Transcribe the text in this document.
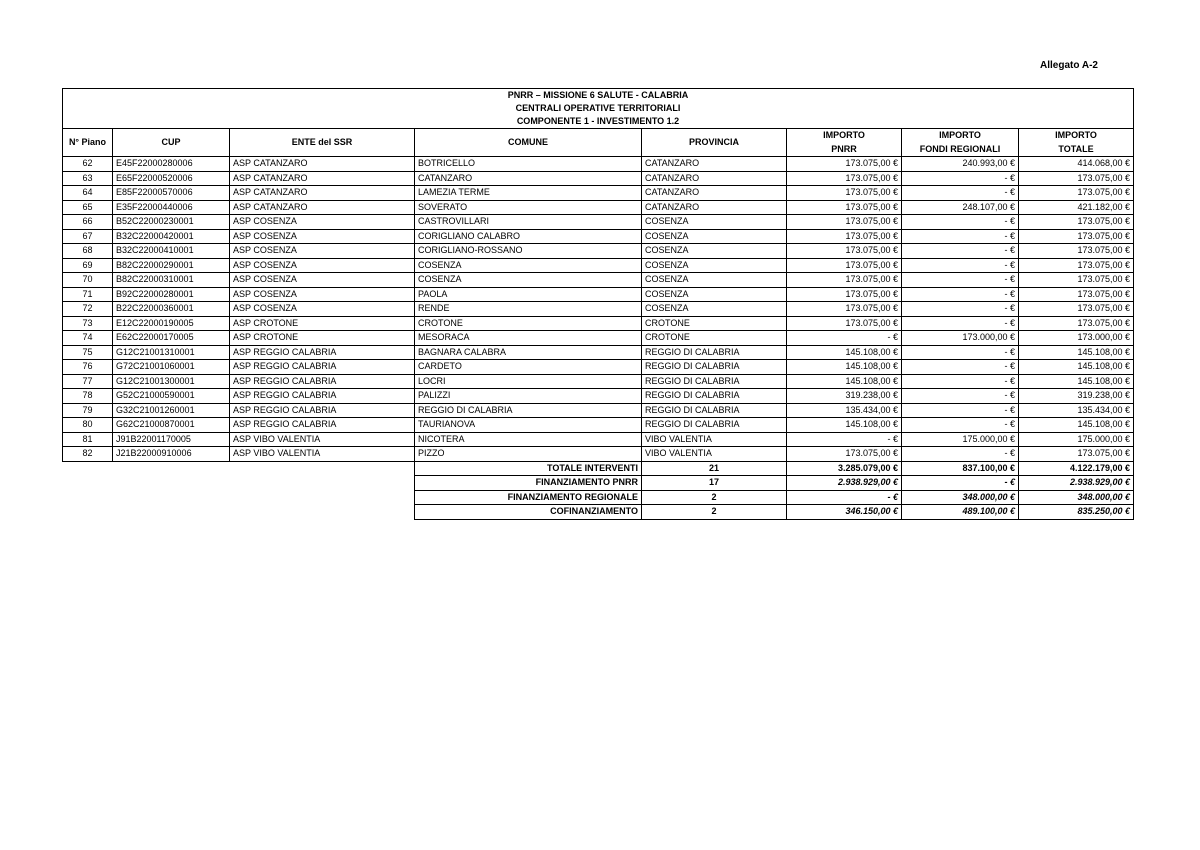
Allegato A-2
PNRR – MISSIONE 6 SALUTE - CALABRIA							
CENTRALI OPERATIVE TERRITORIALI							
COMPONENTE 1 - INVESTIMENTO 1.2							
N° Piano	CUP	ENTE del SSR	COMUNE	PROVINCIA	IMPORTO	IMPORTO	IMPORTO
					PNRR	FONDI REGIONALI	TOTALE
62	E45F22000280006	ASP CATANZARO	BOTRICELLO	CATANZARO	173.075,00 €	240.993,00 €	414.068,00 €
63	E65F22000520006	ASP CATANZARO	CATANZARO	CATANZARO	173.075,00 €	- €	173.075,00 €
64	E85F22000570006	ASP CATANZARO	LAMEZIA TERME	CATANZARO	173.075,00 €	- €	173.075,00 €
65	E35F22000440006	ASP CATANZARO	SOVERATO	CATANZARO	173.075,00 €	248.107,00 €	421.182,00 €
66	B52C22000230001	ASP COSENZA	CASTROVILLARI	COSENZA	173.075,00 €	- €	173.075,00 €
67	B32C22000420001	ASP COSENZA	CORIGLIANO CALABRO	COSENZA	173.075,00 €	- €	173.075,00 €
68	B32C22000410001	ASP COSENZA	CORIGLIANO-ROSSANO	COSENZA	173.075,00 €	- €	173.075,00 €
69	B82C22000290001	ASP COSENZA	COSENZA	COSENZA	173.075,00 €	- €	173.075,00 €
70	B82C22000310001	ASP COSENZA	COSENZA	COSENZA	173.075,00 €	- €	173.075,00 €
71	B92C22000280001	ASP COSENZA	PAOLA	COSENZA	173.075,00 €	- €	173.075,00 €
72	B22C22000360001	ASP COSENZA	RENDE	COSENZA	173.075,00 €	- €	173.075,00 €
73	E12C22000190005	ASP CROTONE	CROTONE	CROTONE	173.075,00 €	- €	173.075,00 €
74	E62C22000170005	ASP CROTONE	MESORACA	CROTONE	- €	173.000,00 €	173.000,00 €
75	G12C21001310001	ASP REGGIO CALABRIA	BAGNARA CALABRA	REGGIO DI CALABRIA	145.108,00 €	- €	145.108,00 €
76	G72C21001060001	ASP REGGIO CALABRIA	CARDETO	REGGIO DI CALABRIA	145.108,00 €	- €	145.108,00 €
77	G12C21001300001	ASP REGGIO CALABRIA	LOCRI	REGGIO DI CALABRIA	145.108,00 €	- €	145.108,00 €
78	G52C21000590001	ASP REGGIO CALABRIA	PALIZZI	REGGIO DI CALABRIA	319.238,00 €	- €	319.238,00 €
79	G32C21001260001	ASP REGGIO CALABRIA	REGGIO DI CALABRIA	REGGIO DI CALABRIA	135.434,00 €	- €	135.434,00 €
80	G62C21000870001	ASP REGGIO CALABRIA	TAURIANOVA	REGGIO DI CALABRIA	145.108,00 €	- €	145.108,00 €
81	J91B22001170005	ASP VIBO VALENTIA	NICOTERA	VIBO VALENTIA	- €	175.000,00 €	175.000,00 €
82	J21B22000910006	ASP VIBO VALENTIA	PIZZO	VIBO VALENTIA	173.075,00 €	- €	173.075,00 €
			TOTALE INTERVENTI	21	3.285.079,00 €	837.100,00 €	4.122.179,00 €
			FINANZIAMENTO PNRR	17	2.938.929,00 €	- €	2.938.929,00 €
			FINANZIAMENTO REGIONALE	2	- €	348.000,00 €	348.000,00 €
			COFINANZIAMENTO	2	346.150,00 €	489.100,00 €	835.250,00 €
